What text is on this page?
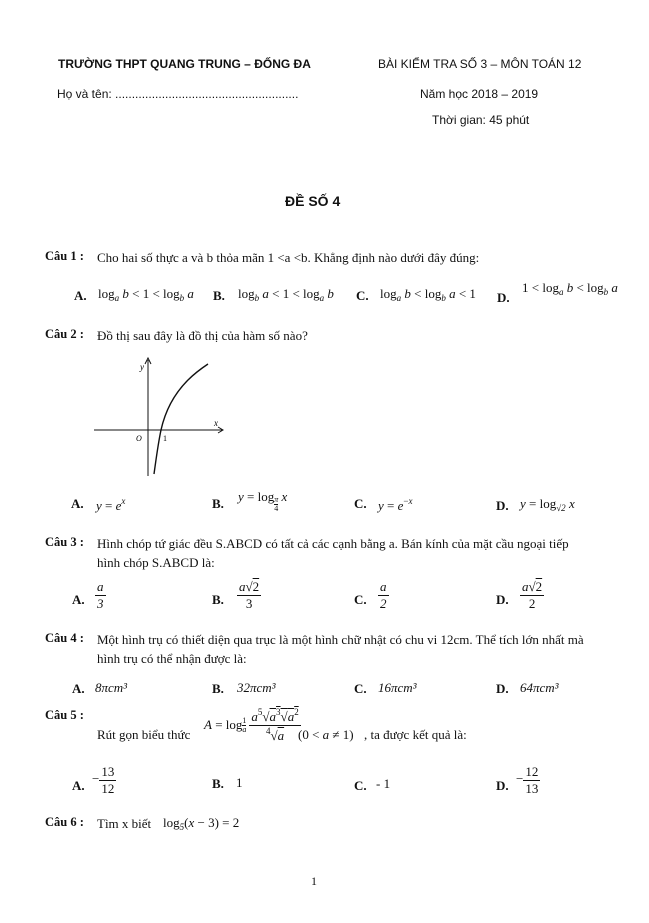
TRƯỜNG THPT QUANG TRUNG – ĐỐNG ĐA	BÀI KIỂM TRA SỐ 3 – MÔN TOÁN 12
Họ và tên: .......................................................	Năm học 2018 – 2019
Thời gian: 45 phút
ĐỀ SỐ 4
Câu 1 : Cho hai số thực a và b thỏa mãn 1 <a <b. Khẳng định nào dưới đây đúng:
A. $\log_a b < 1 < \log_b a$ B. $\log_b a < 1 < \log_a b$ C. $\log_a b < \log_b a < 1$ D.
$1 < \log_a b < \log_b a$
Câu 2 : Đồ thị sau đây là đồ thị của hàm số nào?
x
y
O	1
A. $y = e^x$	B. $y = \log \frac{\pi}{4}$ x	C. $y = e^{-x}$	D. $y = \log_{√2} x$
Câu 3 : Hình chóp tứ giác đều S.ABCD có tất cả các cạnh bằng a. Bán kính của mặt cầu ngoại tiếp
hình chóp S.ABCD là:
A. $\frac{a}{3}$	B. $\frac{a√2}{3}$	C. $\frac{a}{2}$	D. $\frac{a√2}{2}$
Câu 4 : Một hình trụ có thiết diện qua trục là một hình chữ nhật có chu vi 12cm. Thể tích lớn nhất mà
hình trụ có thể nhận được là:
A. 8πcm³	B. 32πcm³	C. 16πcm³	D. 64πcm³
Câu 5 :
Rút gọn biểu thức
A = log 1
a $\frac{a^5√a^3√a^2}{^4√a}$
(0 < a ≠ 1) , ta được kết quả là:
A. − $\frac{13}{12}$	B. 1	C. - 1	D. − $\frac{12}{13}$
Câu 6 : Tìm x biết $\log_5(x - 3) = 2$
1
